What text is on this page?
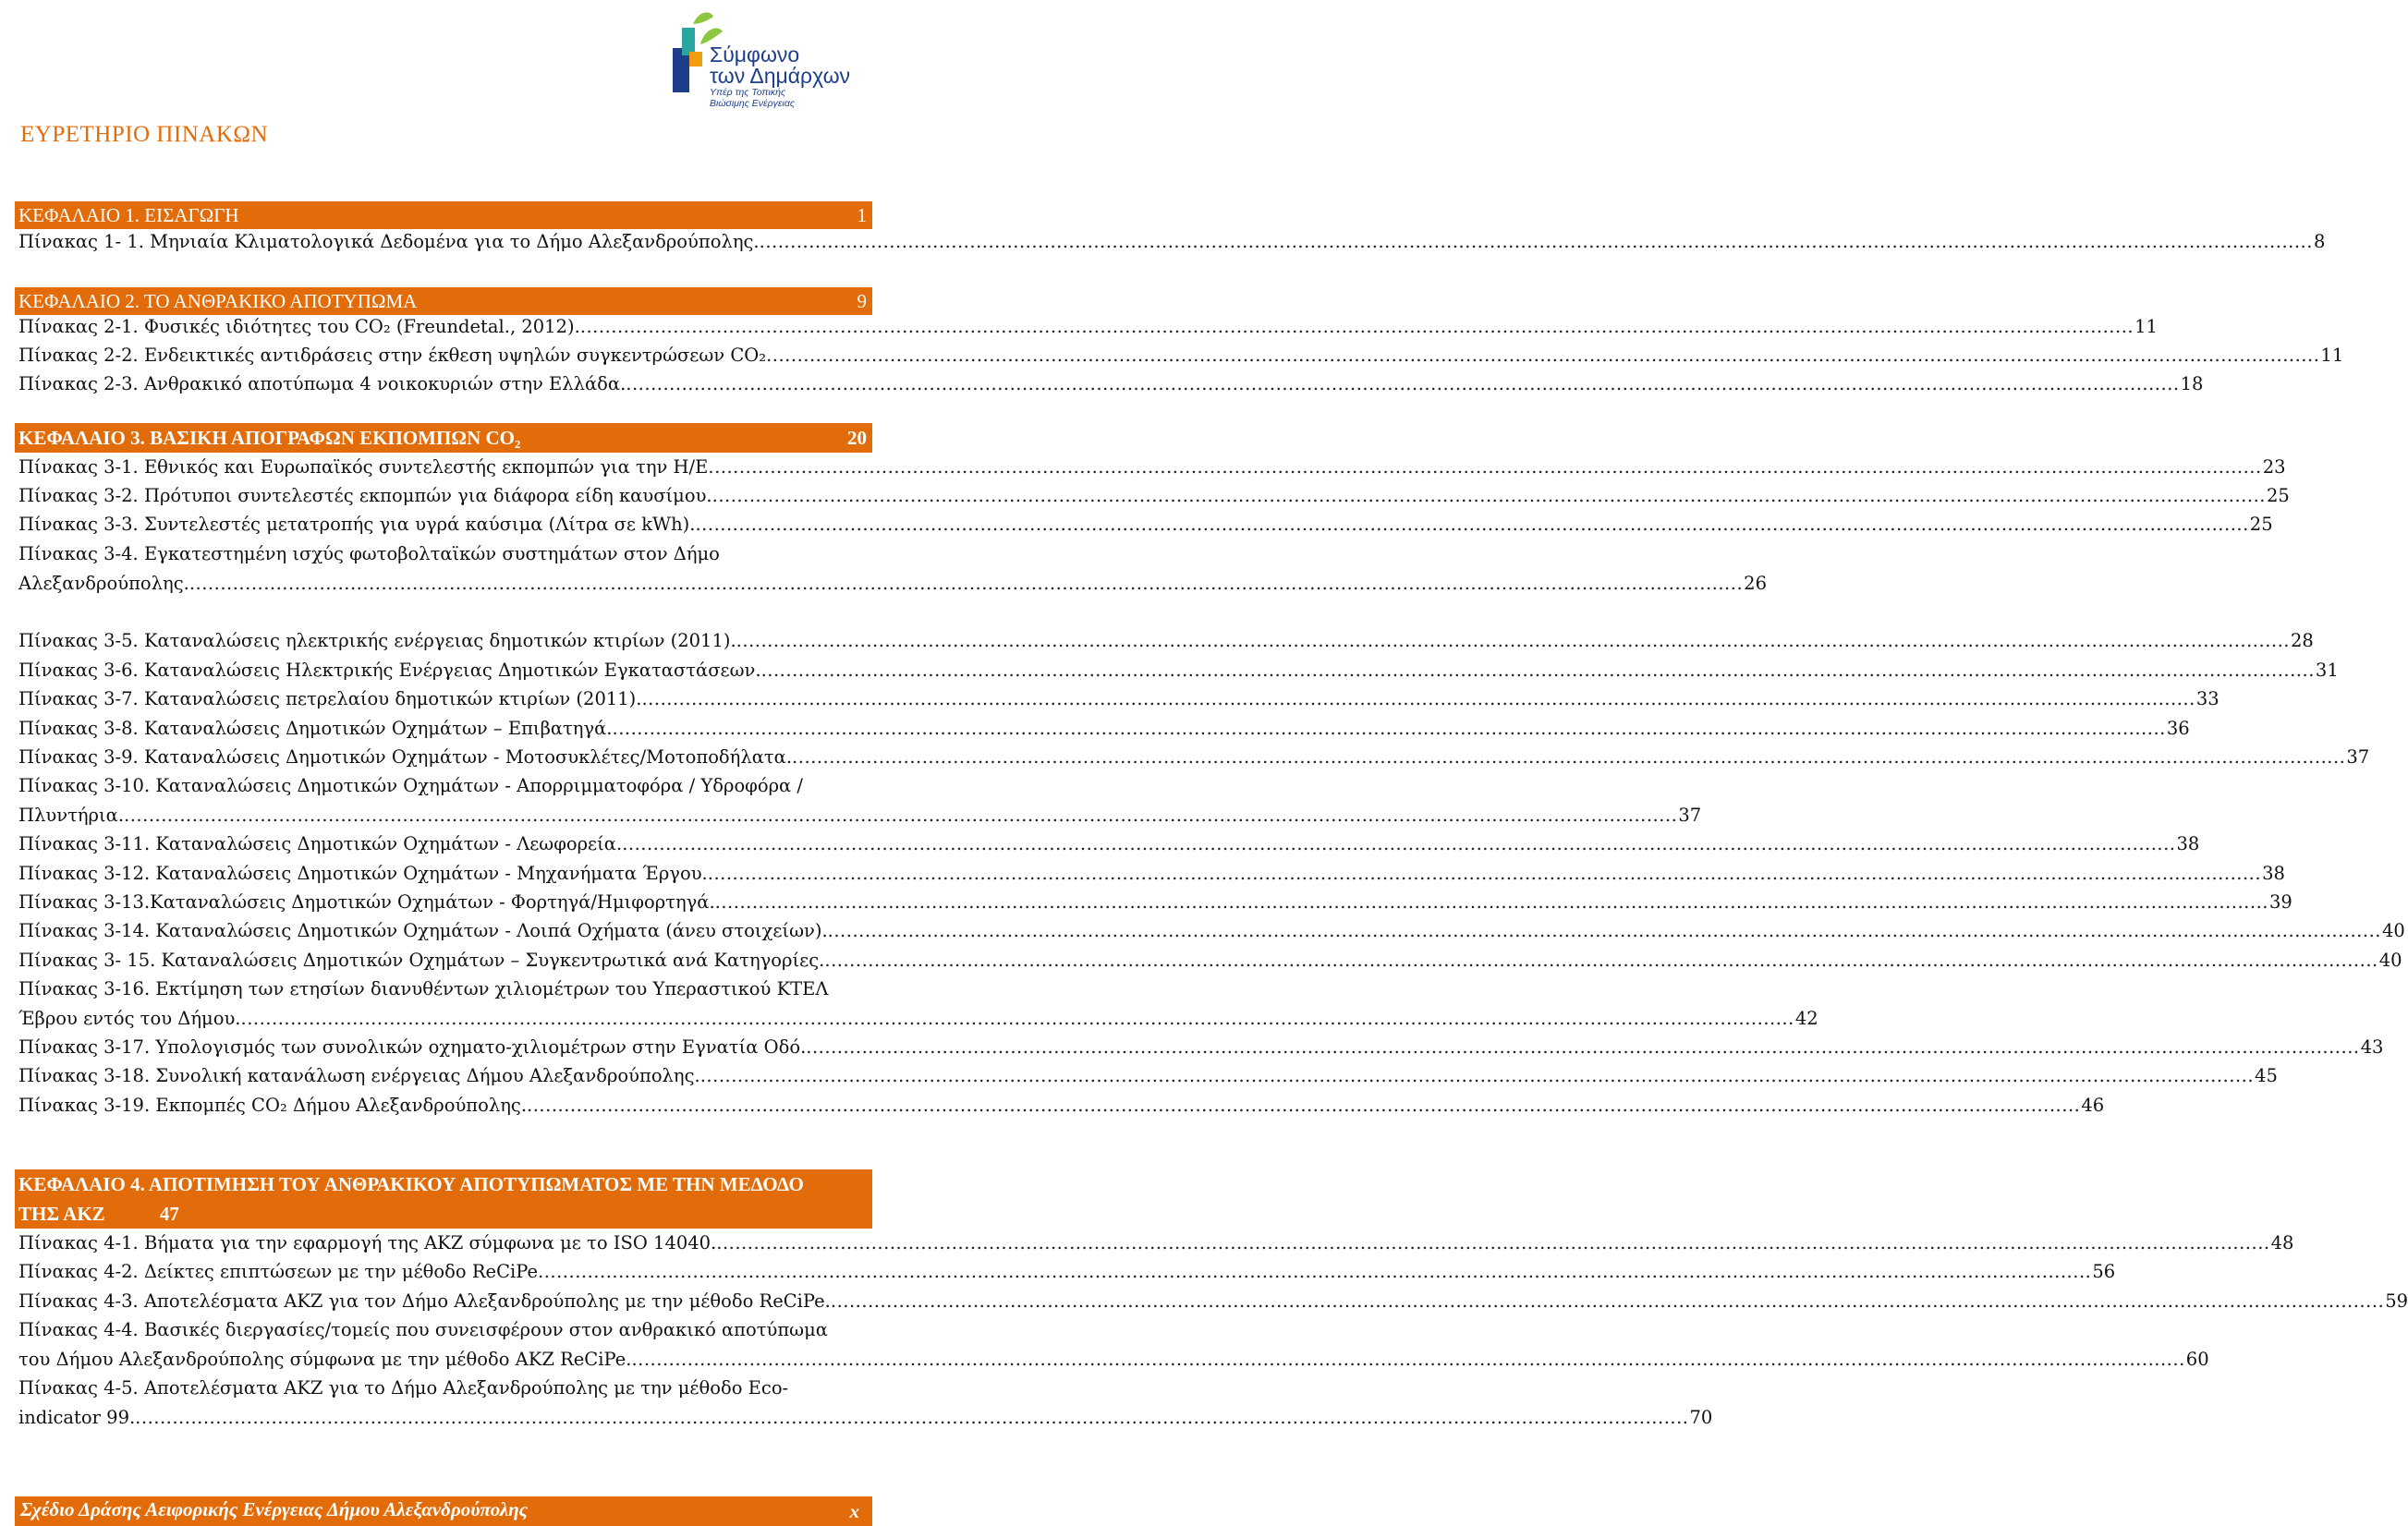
Σύμφωνο
των Δημάρχων
Υπέρ της Τοπικής
Βιώσιμης Ενέργειας
ΕΥΡΕΤΗΡΙΟ ΠΙΝΑΚΩΝ
ΚΕΦΑΛΑΙΟ 1. ΕΙΣΑΓΩΓΗ	1
Πίνακας 1- 1. Μηνιαία Κλιματολογικά Δεδομένα για το Δήμο Αλεξανδρούπολης. .....	8
ΚΕΦΑΛΑΙΟ 2. ΤΟ ΑΝΘΡΑΚΙΚΟ ΑΠΟΤΥΠΩΜΑ	9
Πίνακας 2-1. Φυσικές ιδιότητες του CO₂ (Freundetal., 2012). .....	11
Πίνακας 2-2. Ενδεικτικές αντιδράσεις στην έκθεση υψηλών συγκεντρώσεων CO₂ .....	11
Πίνακας 2-3. Ανθρακικό αποτύπωμα 4 νοικοκυριών στην Ελλάδα. .....	18
ΚΕΦΑΛΑΙΟ 3. ΒΑΣΙΚΗ ΑΠΟΓΡΑΦΩΝ ΕΚΠΟΜΠΩΝ CO₂	20
Πίνακας 3-1. Εθνικός και Ευρωπαϊκός συντελεστής εκπομπών για την Η/Ε .....	23
Πίνακας 3-2. Πρότυποι συντελεστές εκπομπών για διάφορα είδη καυσίμου. .....	25
Πίνακας 3-3. Συντελεστές μετατροπής για υγρά καύσιμα (Λίτρα σε kWh). .....	25
Πίνακας 3-4. Εγκατεστημένη ισχύς φωτοβολταϊκών συστημάτων στον Δήμο
Αλεξανδρούπολης. .....	26
Πίνακας 3-5. Καταναλώσεις ηλεκτρικής ενέργειας δημοτικών κτιρίων (2011). .....	28
Πίνακας 3-6. Καταναλώσεις Ηλεκτρικής Ενέργειας Δημοτικών Εγκαταστάσεων. .....	31
Πίνακας 3-7. Καταναλώσεις πετρελαίου δημοτικών κτιρίων (2011). .....	33
Πίνακας 3-8. Καταναλώσεις Δημοτικών Οχημάτων – Επιβατηγά. .....	36
Πίνακας 3-9. Καταναλώσεις Δημοτικών Οχημάτων - Μοτοσυκλέτες/Μοτοποδήλατα. .....	37
Πίνακας 3-10. Καταναλώσεις Δημοτικών Οχημάτων - Απορριμματοφόρα / Υδροφόρα /
Πλυντήρια. .....	37
Πίνακας 3-11. Καταναλώσεις Δημοτικών Οχημάτων - Λεωφορεία. .....	38
Πίνακας 3-12. Καταναλώσεις Δημοτικών Οχημάτων - Μηχανήματα Έργου. .....	38
Πίνακας 3-13.Καταναλώσεις Δημοτικών Οχημάτων - Φορτηγά/Ημιφορτηγά. .....	39
Πίνακας 3-14. Καταναλώσεις Δημοτικών Οχημάτων - Λοιπά Οχήματα (άνευ στοιχείων). .....	40
Πίνακας 3- 15. Καταναλώσεις Δημοτικών Οχημάτων – Συγκεντρωτικά ανά Κατηγορίες. .....	40
Πίνακας 3-16. Εκτίμηση των ετησίων διανυθέντων χιλιομέτρων του Υπεραστικού ΚΤΕΛ
Έβρου εντός του Δήμου. .....	42
Πίνακας 3-17. Υπολογισμός των συνολικών οχηματο-χιλιομέτρων στην Εγνατία Οδό. .....	43
Πίνακας 3-18. Συνολική κατανάλωση ενέργειας Δήμου Αλεξανδρούπολης. .....	45
Πίνακας 3-19. Εκπομπές CO₂ Δήμου Αλεξανδρούπολης. .....	46
ΚΕΦΑΛΑΙΟ 4. ΑΠΟΤΙΜΗΣΗ ΤΟΥ ΑΝΘΡΑΚΙΚΟΥ ΑΠΟΤΥΠΩΜΑΤΟΣ ΜΕ ΤΗΝ ΜΕΔΟΔΟ
ΤΗΣ ΑΚΖ	47
Πίνακας 4-1. Βήματα για την εφαρμογή της ΑΚΖ σύμφωνα με το ISO 14040. .....	48
Πίνακας 4-2. Δείκτες επιπτώσεων με την μέθοδο ReCiPe .....	56
Πίνακας 4-3. Αποτελέσματα ΑΚΖ για τον Δήμο Αλεξανδρούπολης με την μέθοδο ReCiPe. .....	59
Πίνακας 4-4. Βασικές διεργασίες/τομείς που συνεισφέρουν στον ανθρακικό αποτύπωμα
του Δήμου Αλεξανδρούπολης σύμφωνα με την μέθοδο ΑΚΖ ReCiPe. .....	60
Πίνακας 4-5. Αποτελέσματα ΑΚΖ για το Δήμο Αλεξανδρούπολης με την μέθοδο Eco-
indicator 99. .....	70
Σχέδιο Δράσης Αειφορικής Ενέργειας Δήμου Αλεξανδρούπολης	x
